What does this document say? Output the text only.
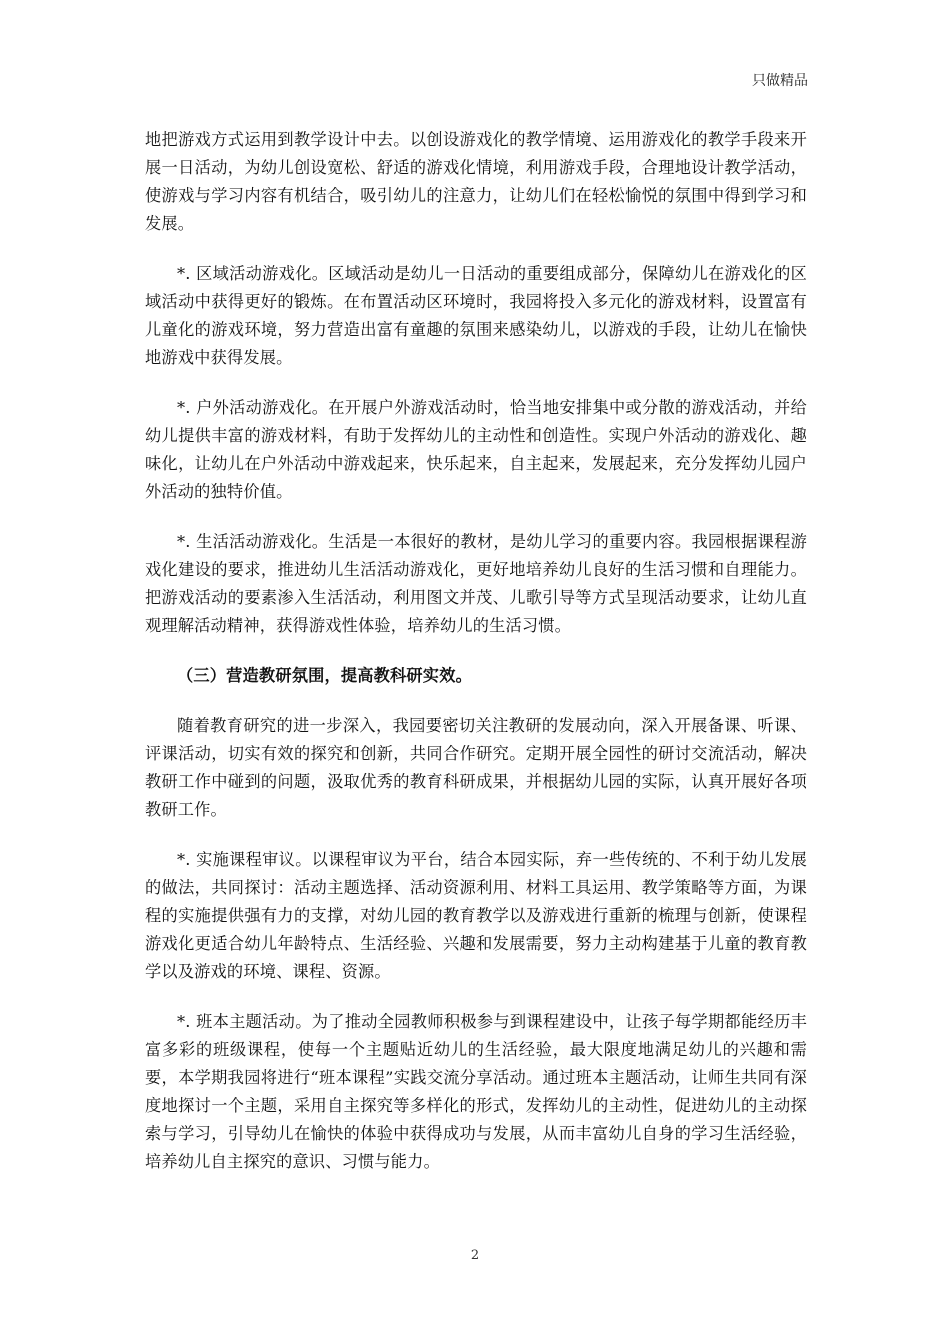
只做精品

地把游戏方式运用到教学设计中去。以创设游戏化的教学情境、运用游戏化的教学手段来开展一日活动，为幼儿创设宽松、舒适的游戏化情境，利用游戏手段，合理地设计教学活动，使游戏与学习内容有机结合，吸引幼儿的注意力，让幼儿们在轻松愉悦的氛围中得到学习和发展。

*. 区域活动游戏化。区域活动是幼儿一日活动的重要组成部分，保障幼儿在游戏化的区域活动中获得更好的锻炼。在布置活动区环境时，我园将投入多元化的游戏材料，设置富有儿童化的游戏环境，努力营造出富有童趣的氛围来感染幼儿，以游戏的手段，让幼儿在愉快地游戏中获得发展。

*. 户外活动游戏化。在开展户外游戏活动时，恰当地安排集中或分散的游戏活动，并给幼儿提供丰富的游戏材料，有助于发挥幼儿的主动性和创造性。实现户外活动的游戏化、趣味化，让幼儿在户外活动中游戏起来，快乐起来，自主起来，发展起来，充分发挥幼儿园户外活动的独特价值。

*. 生活活动游戏化。生活是一本很好的教材，是幼儿学习的重要内容。我园根据课程游戏化建设的要求，推进幼儿生活活动游戏化，更好地培养幼儿良好的生活习惯和自理能力。把游戏活动的要素渗入生活活动，利用图文并茂、儿歌引导等方式呈现活动要求，让幼儿直观理解活动精神，获得游戏性体验，培养幼儿的生活习惯。

（三）营造教研氛围，提高教科研实效。

随着教育研究的进一步深入，我园要密切关注教研的发展动向，深入开展备课、听课、评课活动，切实有效的探究和创新，共同合作研究。定期开展全园性的研讨交流活动，解决教研工作中碰到的问题，汲取优秀的教育科研成果，并根据幼儿园的实际，认真开展好各项教研工作。

*. 实施课程审议。以课程审议为平台，结合本园实际，弃一些传统的、不利于幼儿发展的做法，共同探讨：活动主题选择、活动资源利用、材料工具运用、教学策略等方面，为课程的实施提供强有力的支撑，对幼儿园的教育教学以及游戏进行重新的梳理与创新，使课程游戏化更适合幼儿年龄特点、生活经验、兴趣和发展需要，努力主动构建基于儿童的教育教学以及游戏的环境、课程、资源。

*. 班本主题活动。为了推动全园教师积极参与到课程建设中，让孩子每学期都能经历丰富多彩的班级课程，使每一个主题贴近幼儿的生活经验，最大限度地满足幼儿的兴趣和需要，本学期我园将进行“班本课程”实践交流分享活动。通过班本主题活动，让师生共同有深度地探讨一个主题，采用自主探究等多样化的形式，发挥幼儿的主动性，促进幼儿的主动探索与学习，引导幼儿在愉快的体验中获得成功与发展，从而丰富幼儿自身的学习生活经验，培养幼儿自主探究的意识、习惯与能力。

2
